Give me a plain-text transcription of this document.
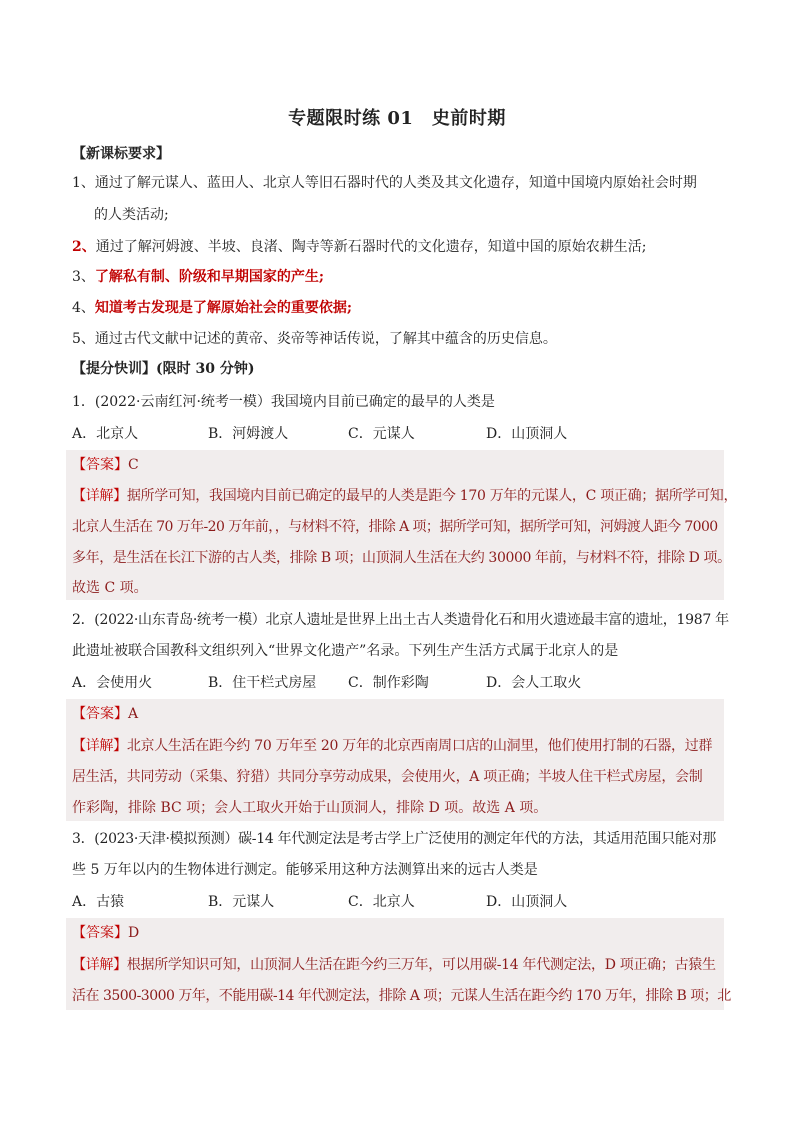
专题限时练 01　史前时期
【新课标要求】
1、通过了解元谋人、蓝田人、北京人等旧石器时代的人类及其文化遗存，知道中国境内原始社会时期
的人类活动;
2、通过了解河姆渡、半坡、良渚、陶寺等新石器时代的文化遗存，知道中国的原始农耕生活;
3、了解私有制、阶级和早期国家的产生;
4、知道考古发现是了解原始社会的重要依据;
5、通过古代文献中记述的黄帝、炎帝等神话传说，了解其中蕴含的历史信息。
【提分快训】(限时 30 分钟)
1．(2022·云南红河·统考一模）我国境内目前已确定的最早的人类是
A．北京人	B．河姆渡人	C．元谋人	D．山顶洞人
【答案】C
【详解】据所学可知，我国境内目前已确定的最早的人类是距今 170 万年的元谋人，C 项正确；据所学可知，
北京人生活在 70 万年-20 万年前，，与材料不符，排除 A 项；据所学可知，据所学可知，河姆渡人距今 7000
多年，是生活在长江下游的古人类，排除 B 项；山顶洞人生活在大约 30000 年前，与材料不符，排除 D 项。
故选 C 项。
2．(2022·山东青岛·统考一模）北京人遗址是世界上出土古人类遗骨化石和用火遗迹最丰富的遗址，1987 年
此遗址被联合国教科文组织列入“世界文化遗产”名录。下列生产生活方式属于北京人的是
A．会使用火	B．住干栏式房屋 C．制作彩陶	D．会人工取火
【答案】A
【详解】北京人生活在距今约 70 万年至 20 万年的北京西南周口店的山洞里，他们使用打制的石器，过群
居生活，共同劳动（采集、狩猎）共同分享劳动成果，会使用火，A 项正确；半坡人住干栏式房屋，会制
作彩陶，排除 BC 项；会人工取火开始于山顶洞人，排除 D 项。故选 A 项。
3．(2023·天津·模拟预测）碳-14 年代测定法是考古学上广泛使用的测定年代的方法，其适用范围只能对那
些 5 万年以内的生物体进行测定。能够采用这种方法测算出来的远古人类是
A．古猿	B．元谋人	C．北京人	D．山顶洞人
【答案】D
【详解】根据所学知识可知，山顶洞人生活在距今约三万年，可以用碳-14 年代测定法，D 项正确；古猿生
活在 3500-3000 万年，不能用碳-14 年代测定法，排除 A 项；元谋人生活在距今约 170 万年，排除 B 项；北
